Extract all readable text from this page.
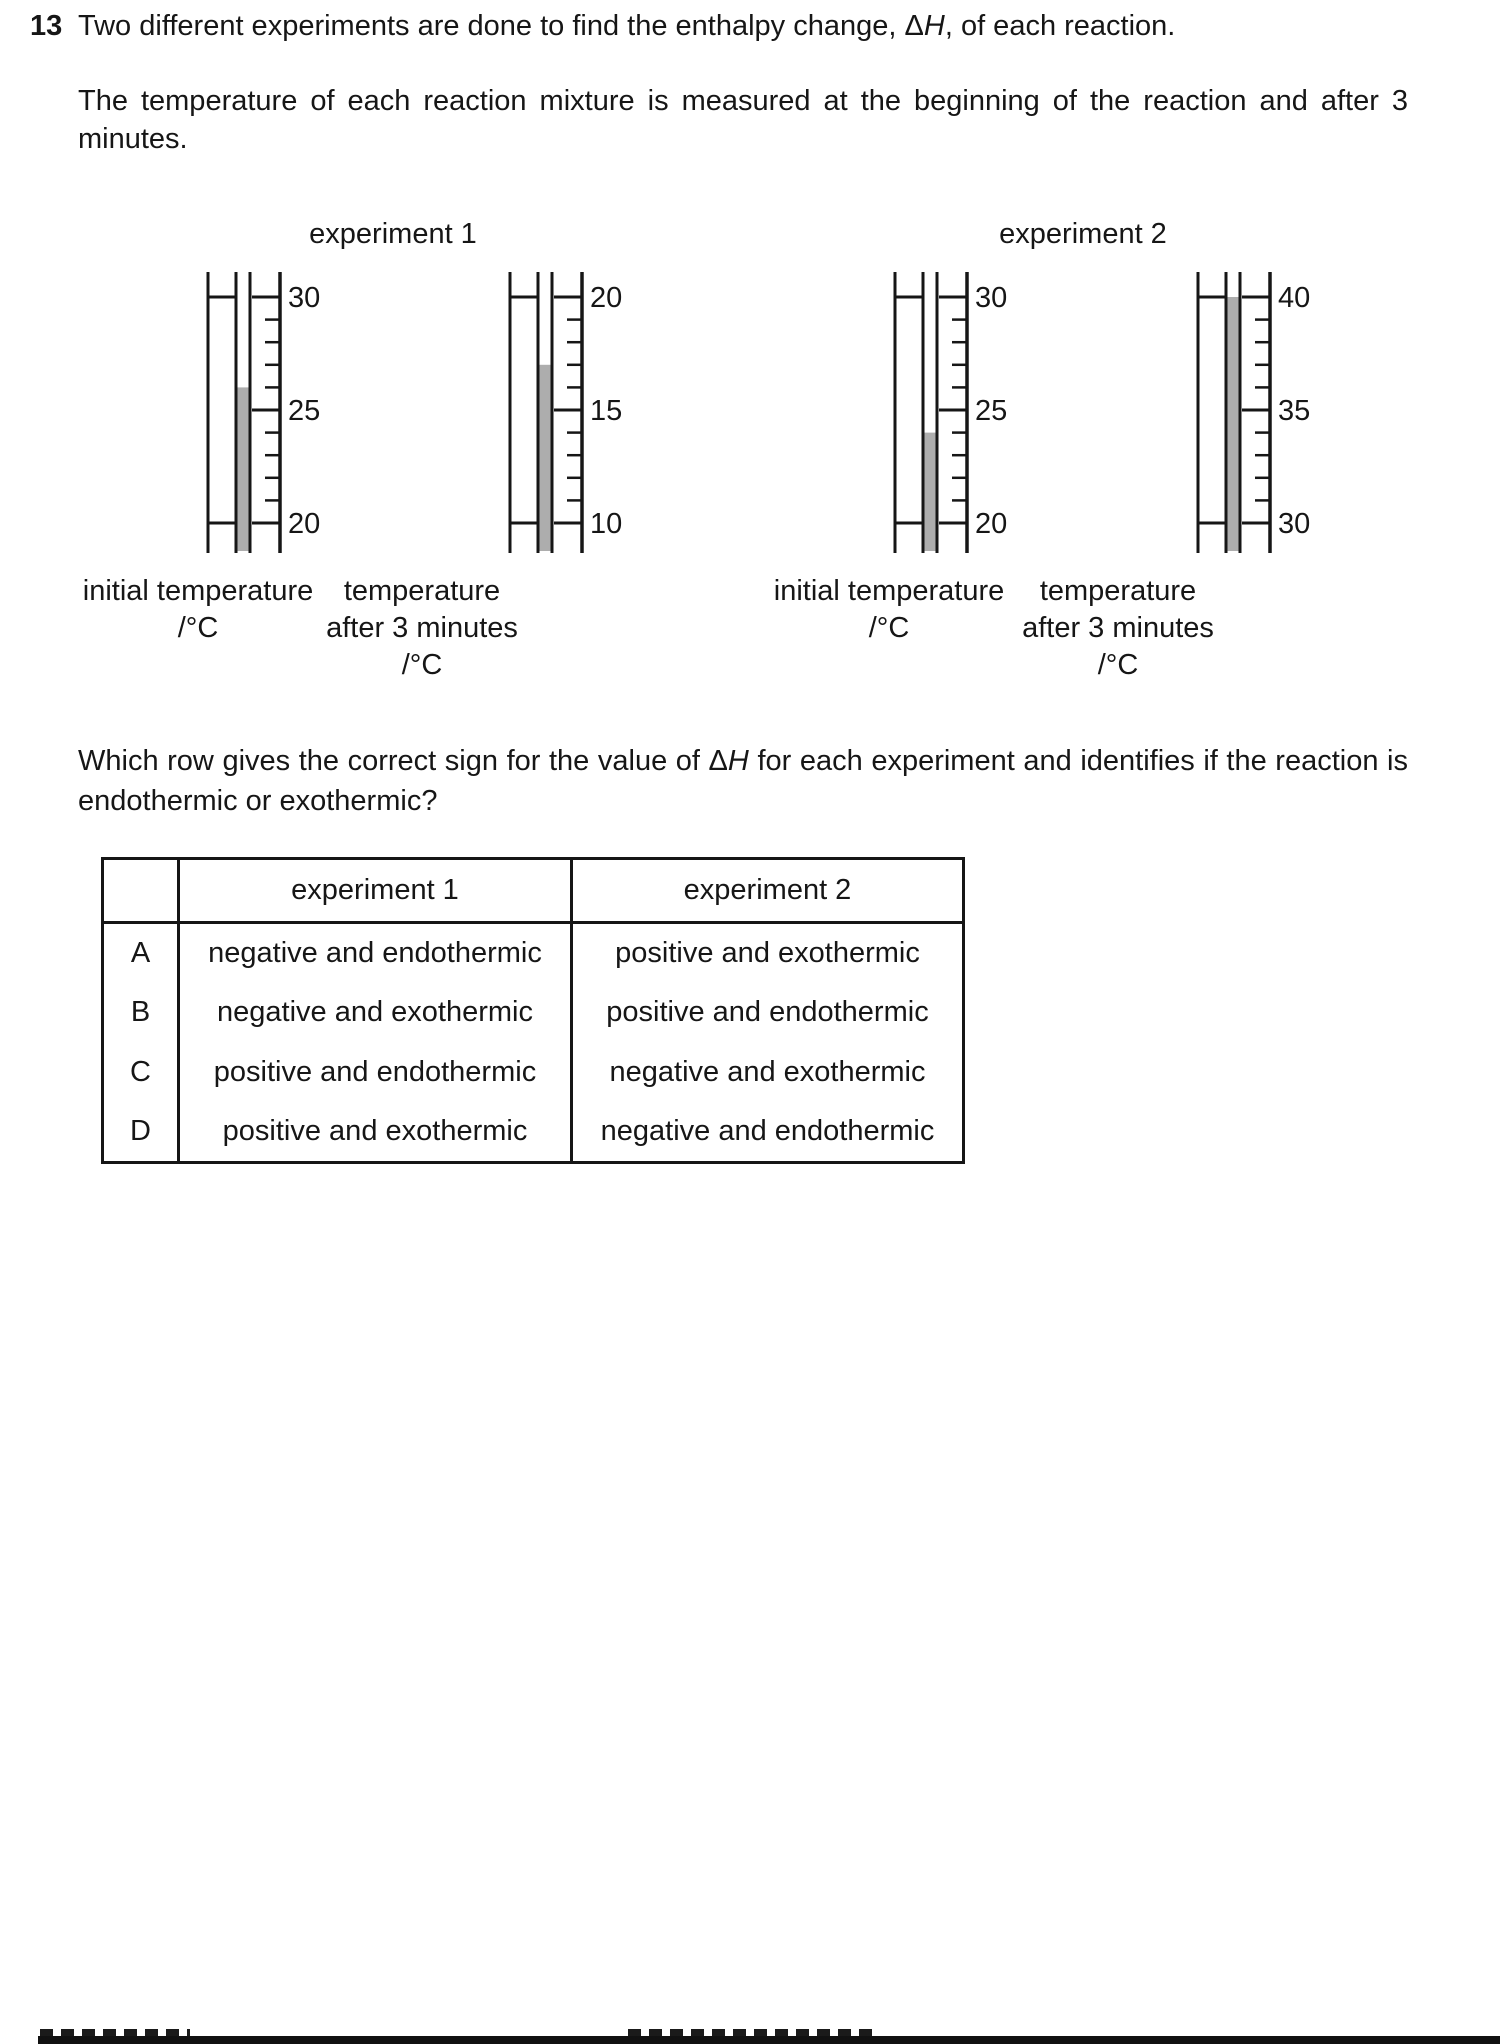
13 Two different experiments are done to find the enthalpy change, ΔH, of each reaction.
The temperature of each reaction mixture is measured at the beginning of the reaction and after 3 minutes.
experiment 1	experiment 2
30
25
20
initial temperature
/°C
20
15
10
temperature
after 3 minutes
/°C
30
25
20
initial temperature
/°C
40
35
30
temperature
after 3 minutes
/°C
Which row gives the correct sign for the value of ΔH for each experiment and identifies if the reaction is endothermic or exothermic?
	experiment 1	experiment 2
A	negative and endothermic	positive and exothermic
B	negative and exothermic	positive and endothermic
C	positive and endothermic	negative and exothermic
D	positive and exothermic	negative and endothermic
